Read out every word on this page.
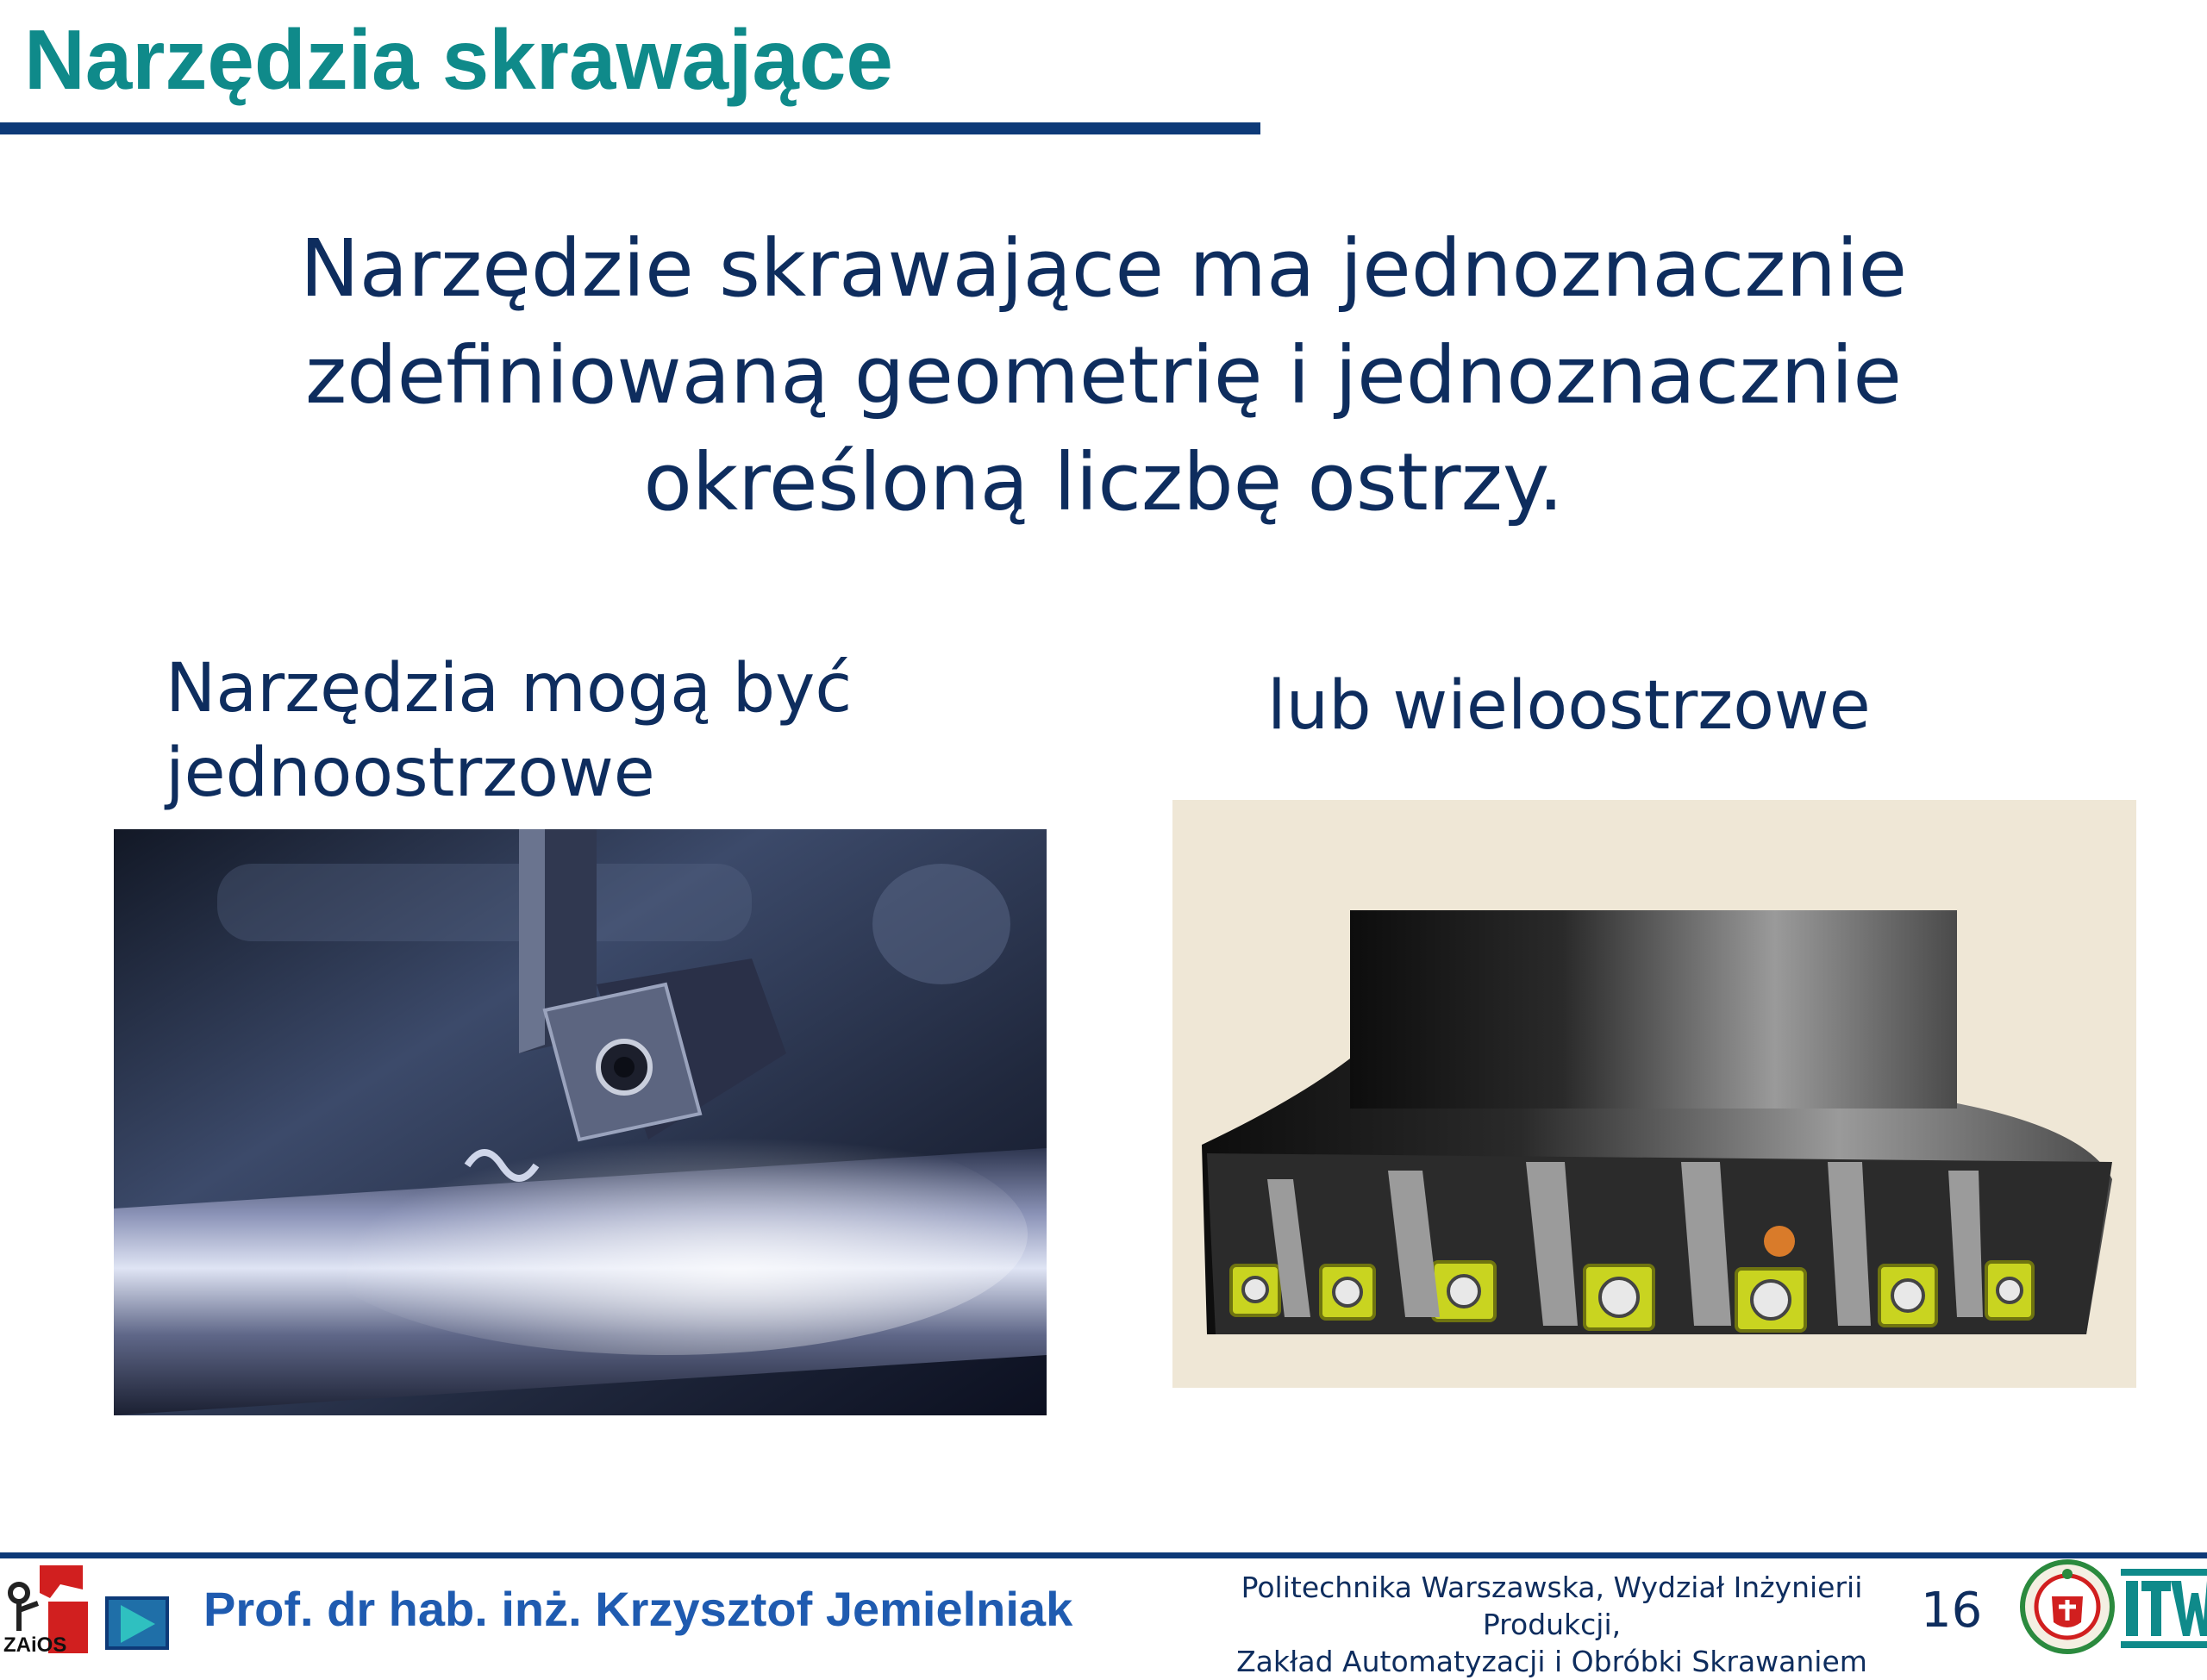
Narzędzia skrawające
Narzędzie skrawające ma jednoznacznie
zdefiniowaną geometrię i jednoznacznie
określoną liczbę ostrzy.
Narzędzia mogą być
jednoostrzowe
lub wieloostrzowe
ZAiOS
Prof. dr hab. inż. Krzysztof Jemielniak	Politechnika Warszawska, Wydział Inżynierii Produkcji,
Zakład Automatyzacji i Obróbki Skrawaniem
16
